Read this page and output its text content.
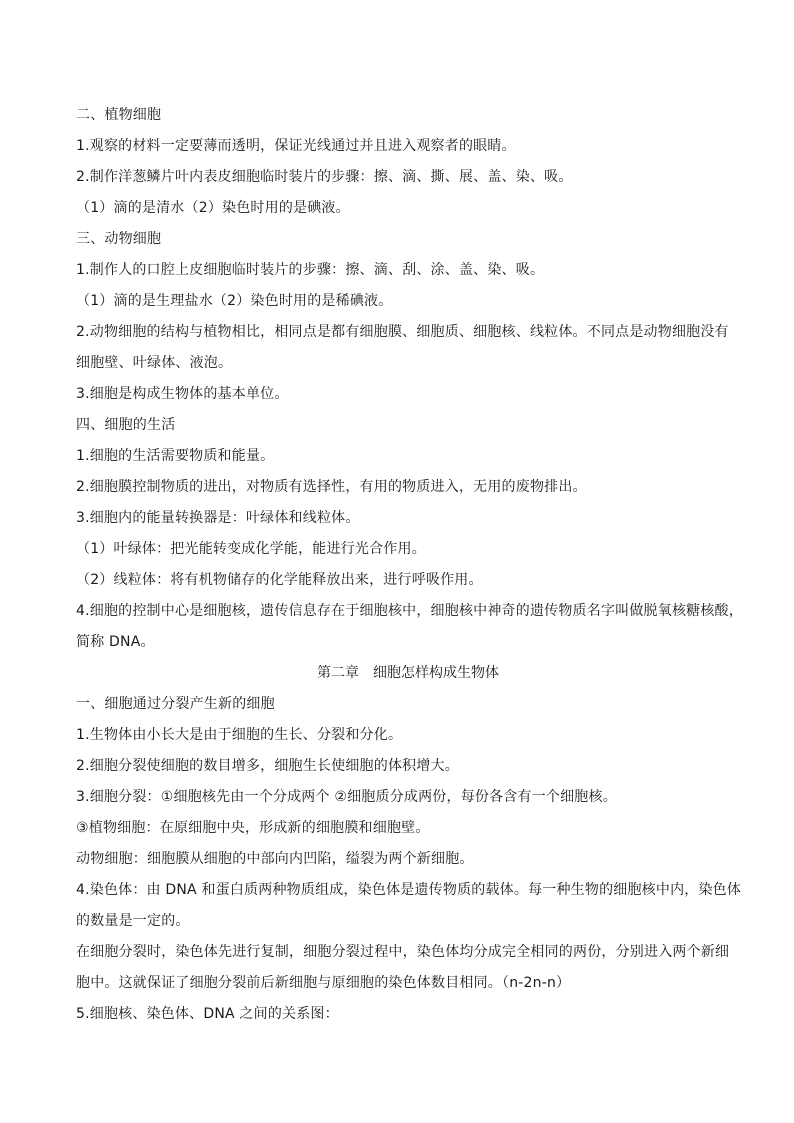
二、植物细胞
1.观察的材料一定要薄而透明，保证光线通过并且进入观察者的眼睛。
2.制作洋葱鳞片叶内表皮细胞临时装片的步骤：擦、滴、撕、展、盖、染、吸。
（1）滴的是清水（2）染色时用的是碘液。
三、动物细胞
1.制作人的口腔上皮细胞临时装片的步骤：擦、滴、刮、涂、盖、染、吸。
（1）滴的是生理盐水（2）染色时用的是稀碘液。
2.动物细胞的结构与植物相比，相同点是都有细胞膜、细胞质、细胞核、线粒体。不同点是动物细胞没有
细胞壁、叶绿体、液泡。
3.细胞是构成生物体的基本单位。
四、细胞的生活
1.细胞的生活需要物质和能量。
2.细胞膜控制物质的进出，对物质有选择性，有用的物质进入，无用的废物排出。
3.细胞内的能量转换器是：叶绿体和线粒体。
（1）叶绿体：把光能转变成化学能，能进行光合作用。
（2）线粒体：将有机物储存的化学能释放出来，进行呼吸作用。
4.细胞的控制中心是细胞核，遗传信息存在于细胞核中，细胞核中神奇的遗传物质名字叫做脱氧核糖核酸，
简称 DNA。
第二章　细胞怎样构成生物体
一、细胞通过分裂产生新的细胞
1.生物体由小长大是由于细胞的生长、分裂和分化。
2.细胞分裂使细胞的数目增多，细胞生长使细胞的体积增大。
3.细胞分裂：①细胞核先由一个分成两个 ②细胞质分成两份，每份各含有一个细胞核。
③植物细胞：在原细胞中央，形成新的细胞膜和细胞壁。
动物细胞：细胞膜从细胞的中部向内凹陷，缢裂为两个新细胞。
4.染色体：由 DNA 和蛋白质两种物质组成，染色体是遗传物质的载体。每一种生物的细胞核中内，染色体
的数量是一定的。
在细胞分裂时，染色体先进行复制，细胞分裂过程中，染色体均分成完全相同的两份，分别进入两个新细
胞中。这就保证了细胞分裂前后新细胞与原细胞的染色体数目相同。（n-2n-n）
5.细胞核、染色体、DNA 之间的关系图：
